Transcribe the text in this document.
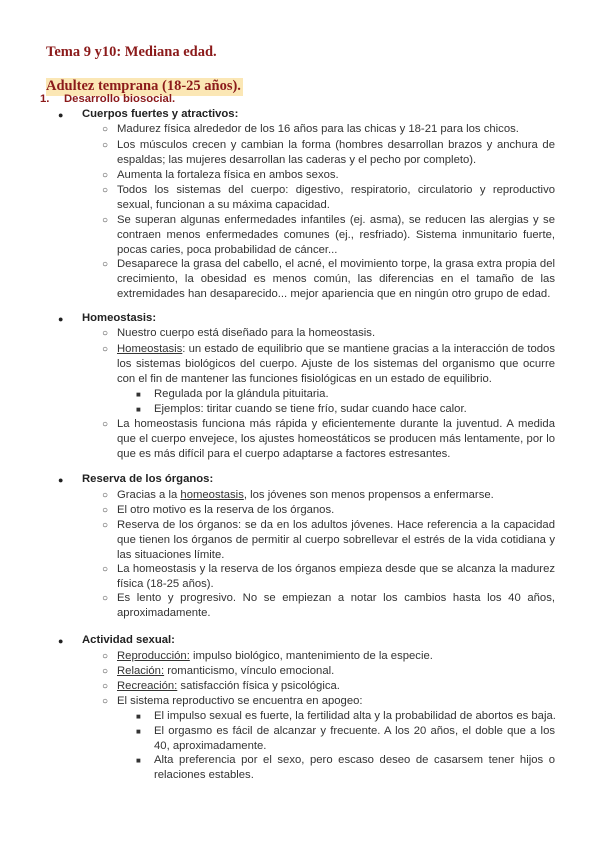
Tema 9 y10: Mediana edad.
Adultez temprana (18-25 años).
1. Desarrollo biosocial.
● Cuerpos fuertes y atractivos:
○ Madurez física alrededor de los 16 años para las chicas y 18-21 para los chicos.
○ Los músculos crecen y cambian la forma (hombres desarrollan brazos y anchura de espaldas; las mujeres desarrollan las caderas y el pecho por completo).
○ Aumenta la fortaleza física en ambos sexos.
○ Todos los sistemas del cuerpo: digestivo, respiratorio, circulatorio y reproductivo sexual, funcionan a su máxima capacidad.
○ Se superan algunas enfermedades infantiles (ej. asma), se reducen las alergias y se contraen menos enfermedades comunes (ej., resfriado). Sistema inmunitario fuerte, pocas caries, poca probabilidad de cáncer...
○ Desaparece la grasa del cabello, el acné, el movimiento torpe, la grasa extra propia del crecimiento, la obesidad es menos común, las diferencias en el tamaño de las extremidades han desaparecido... mejor apariencia que en ningún otro grupo de edad.
● Homeostasis:
○ Nuestro cuerpo está diseñado para la homeostasis.
○ Homeostasis: un estado de equilibrio que se mantiene gracias a la interacción de todos los sistemas biológicos del cuerpo. Ajuste de los sistemas del organismo que ocurre con el fin de mantener las funciones fisiológicas en un estado de equilibrio.
■ Regulada por la glándula pituitaria.
■ Ejemplos: tiritar cuando se tiene frío, sudar cuando hace calor.
○ La homeostasis funciona más rápida y eficientemente durante la juventud. A medida que el cuerpo envejece, los ajustes homeostáticos se producen más lentamente, por lo que es más difícil para el cuerpo adaptarse a factores estresantes.
● Reserva de los órganos:
○ Gracias a la homeostasis, los jóvenes son menos propensos a enfermarse.
○ El otro motivo es la reserva de los órganos.
○ Reserva de los órganos: se da en los adultos jóvenes. Hace referencia a la capacidad que tienen los órganos de permitir al cuerpo sobrellevar el estrés de la vida cotidiana y las situaciones límite.
○ La homeostasis y la reserva de los órganos empieza desde que se alcanza la madurez física (18-25 años).
○ Es lento y progresivo. No se empiezan a notar los cambios hasta los 40 años, aproximadamente.
● Actividad sexual:
○ Reproducción: impulso biológico, mantenimiento de la especie.
○ Relación: romanticismo, vínculo emocional.
○ Recreación: satisfacción física y psicológica.
○ El sistema reproductivo se encuentra en apogeo:
■ El impulso sexual es fuerte, la fertilidad alta y la probabilidad de abortos es baja.
■ El orgasmo es fácil de alcanzar y frecuente. A los 20 años, el doble que a los 40, aproximadamente.
■ Alta preferencia por el sexo, pero escaso deseo de casarsem tener hijos o relaciones estables.
